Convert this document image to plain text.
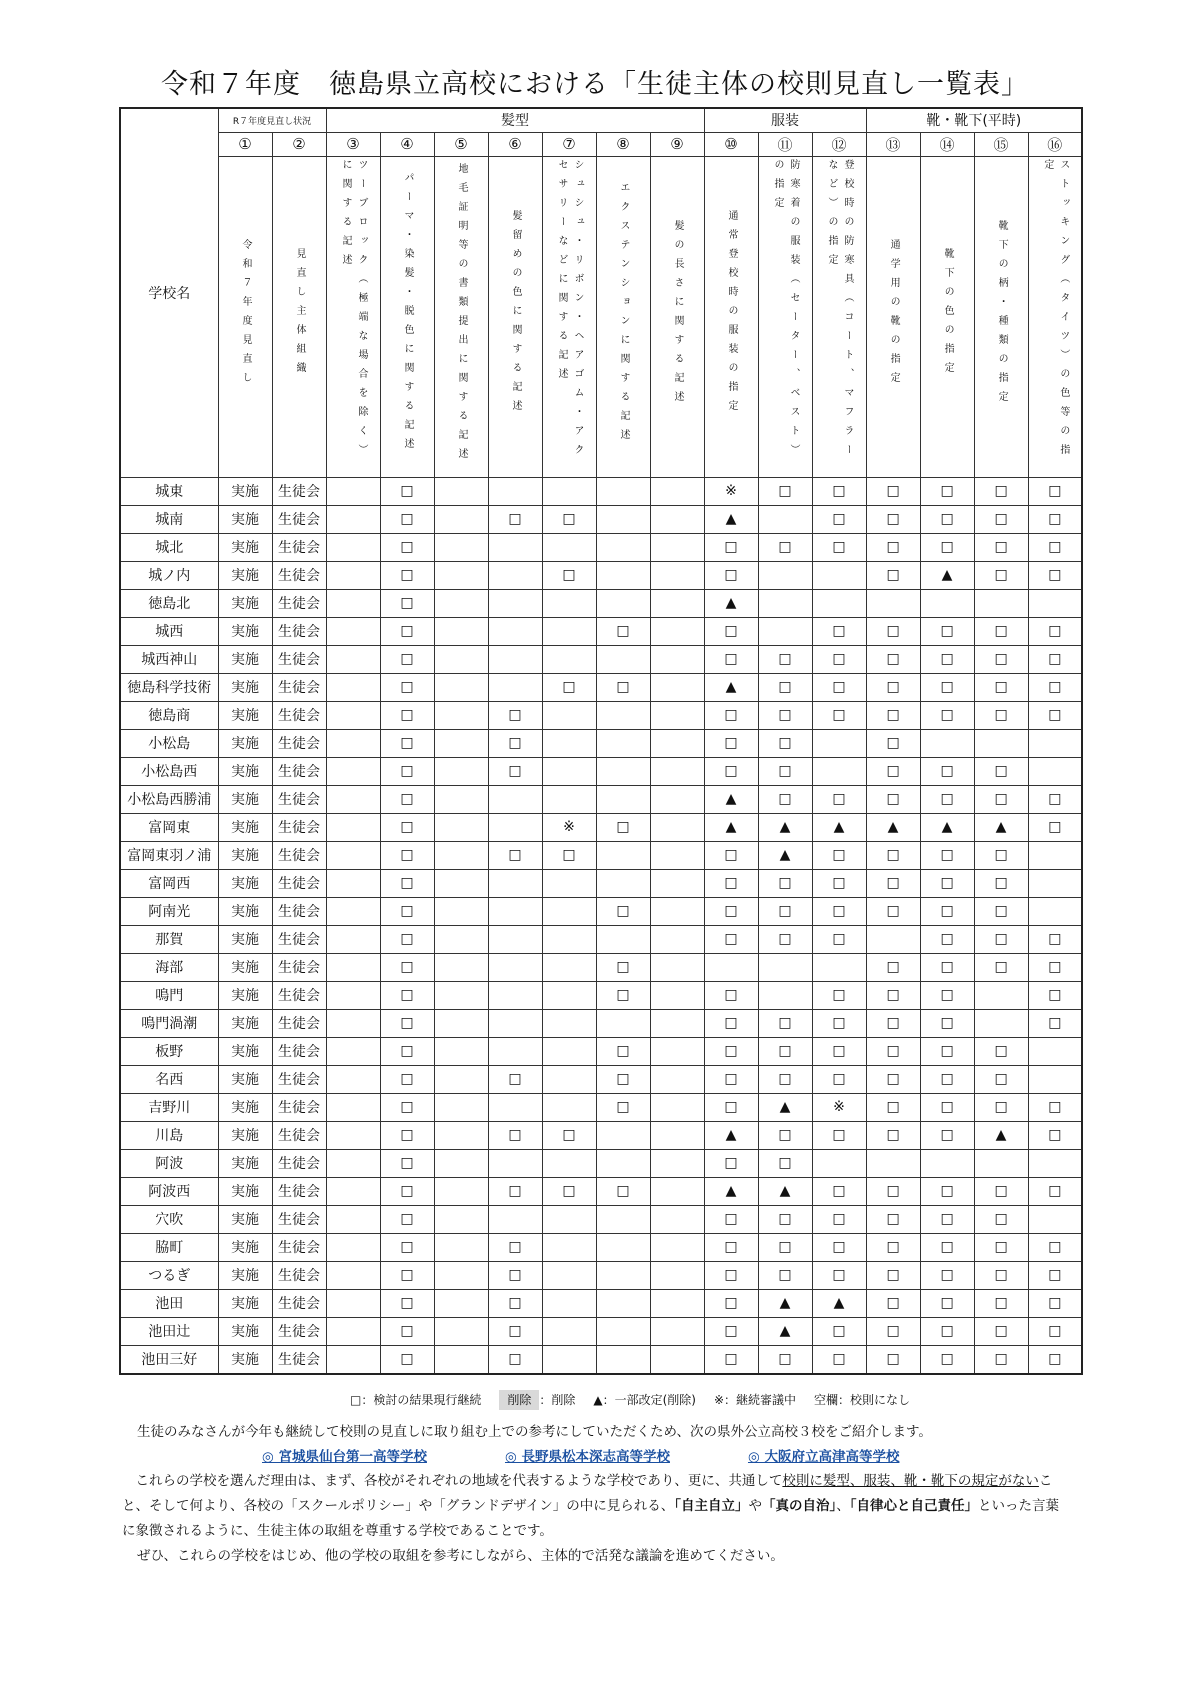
令和７年度　徳島県立高校における「生徒主体の校則見直し一覧表」
学校名	R７年度見直し状況		髪型							服装			靴・靴下(平時)			
	①	②	③	④	⑤	⑥	⑦	⑧	⑨	⑩	⑪	⑫	⑬	⑭	⑮	⑯
	令和７年度見直し	見直し主体組織	ツーブロック（極端な場合を除く）に関する記述	パーマ・染髪・脱色に関する記述	地毛証明等の書類提出に関する記述	髪留めの色に関する記述	シュシュ・リボン・ヘアゴム・アクセサリーなどに関する記述	エクステンションに関する記述	髪の長さに関する記述	通常登校時の服装の指定	防寒着の服装（セーター、ベスト）の指定	登校時の防寒具（コート、マフラーなど）の指定	通学用の靴の指定	靴下の色の指定	靴下の柄・種類の指定	ストッキング（タイツ）の色等の指定
城東	実施	生徒会		□						※	□	□	□	□	□	□
城南	実施	生徒会		□		□	□			▲		□	□	□	□	□
城北	実施	生徒会		□						□	□	□	□	□	□	□
城ノ内	実施	生徒会		□			□			□			□	▲	□	□
徳島北	実施	生徒会		□						▲						
城西	実施	生徒会		□				□		□		□	□	□	□	□
城西神山	実施	生徒会		□						□	□	□	□	□	□	□
徳島科学技術	実施	生徒会		□			□	□		▲	□	□	□	□	□	□
徳島商	実施	生徒会		□		□				□	□	□	□	□	□	□
小松島	実施	生徒会		□		□				□	□		□			
小松島西	実施	生徒会		□		□				□	□		□	□	□	
小松島西勝浦	実施	生徒会		□						▲	□	□	□	□	□	□
富岡東	実施	生徒会		□			※	□		▲	▲	▲	▲	▲	▲	□
富岡東羽ノ浦	実施	生徒会		□		□	□			□	▲	□	□	□	□	
富岡西	実施	生徒会		□						□	□	□	□	□	□	
阿南光	実施	生徒会		□				□		□	□	□	□	□	□	
那賀	実施	生徒会		□						□	□	□		□	□	□
海部	実施	生徒会		□				□					□	□	□	□
鳴門	実施	生徒会		□				□		□		□	□	□		□
鳴門渦潮	実施	生徒会		□						□	□	□	□	□		□
板野	実施	生徒会		□				□		□	□	□	□	□	□	
名西	実施	生徒会		□		□		□		□	□	□	□	□	□	
吉野川	実施	生徒会		□				□		□	▲	※	□	□	□	□
川島	実施	生徒会		□		□	□			▲	□	□	□	□	▲	□
阿波	実施	生徒会		□						□	□					
阿波西	実施	生徒会		□		□	□	□		▲	▲	□	□	□	□	□
穴吹	実施	生徒会		□						□	□	□	□	□	□	
脇町	実施	生徒会		□		□				□	□	□	□	□	□	□
つるぎ	実施	生徒会		□		□				□	□	□	□	□	□	□
池田	実施	生徒会		□		□				□	▲	▲	□	□	□	□
池田辻	実施	生徒会		□		□				□	▲	□	□	□	□	□
池田三好	実施	生徒会		□		□				□	□	□	□	□	□	□
□：検討の結果現行継続	削除 ：削除 ▲：一部改定(削除) ※：継続審議中 空欄：校則になし
生徒のみなさんが今年も継続して校則の見直しに取り組む上での参考にしていただくため、次の県外公立高校３校をご紹介します。
◎ 宮城県仙台第一高等学校	◎ 長野県松本深志高等学校	◎ 大阪府立高津高等学校
　これらの学校を選んだ理由は、まず、各校がそれぞれの地域を代表するような学校であり、更に、共通して校則に髪型、服装、靴・靴下の規定がないこと、そして何より、各校の「スクールポリシー」や「グランドデザイン」の中に見られる、「自主自立」や「真の自治」、「自律心と自己責任」といった言葉に象徴されるように、生徒主体の取組を尊重する学校であることです。
ぜひ、これらの学校をはじめ、他の学校の取組を参考にしながら、主体的で活発な議論を進めてください。
